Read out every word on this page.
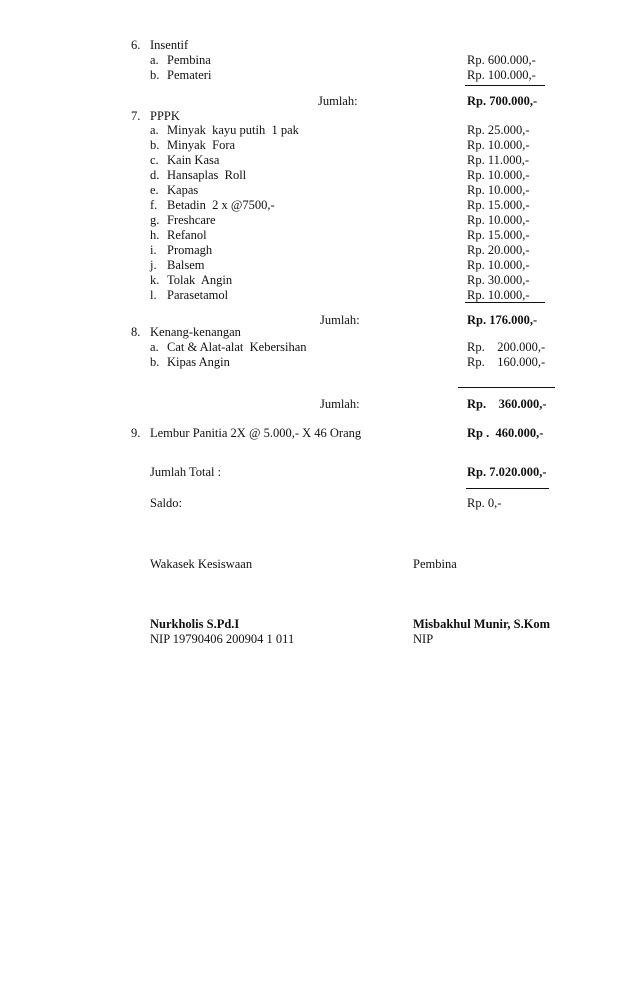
6. Insentif
a. Pembina	Rp. 600.000,-
b. Pemateri	Rp. 100.000,-
Jumlah:	Rp. 700.000,-
7. PPPK
a. Minyak  kayu putih  1 pak	Rp. 25.000,-
b. Minyak  Fora	Rp. 10.000,-
c. Kain Kasa	Rp. 11.000,-
d. Hansaplas  Roll	Rp. 10.000,-
e. Kapas	Rp. 10.000,-
f. Betadin  2 x @7500,-	Rp. 15.000,-
g. Freshcare	Rp. 10.000,-
h. Refanol	Rp. 15.000,-
i. Promagh	Rp. 20.000,-
j. Balsem	Rp. 10.000,-
k. Tolak  Angin	Rp. 30.000,-
l. Parasetamol	Rp. 10.000,-
Jumlah:	Rp. 176.000,-
8. Kenang-kenangan
a. Cat & Alat-alat  Kebersihan	Rp.    200.000,-
b. Kipas Angin	Rp.    160.000,-
Jumlah:	Rp.    360.000,-
9. Lembur Panitia 2X @ 5.000,- X 46 Orang	Rp .  460.000,-
Jumlah Total :	Rp. 7.020.000,-
Saldo:	Rp. 0,-
Wakasek Kesiswaan	Pembina
Nurkholis S.Pd.I	Misbakhul Munir, S.Kom
NIP 19790406 200904 1 011	NIP
